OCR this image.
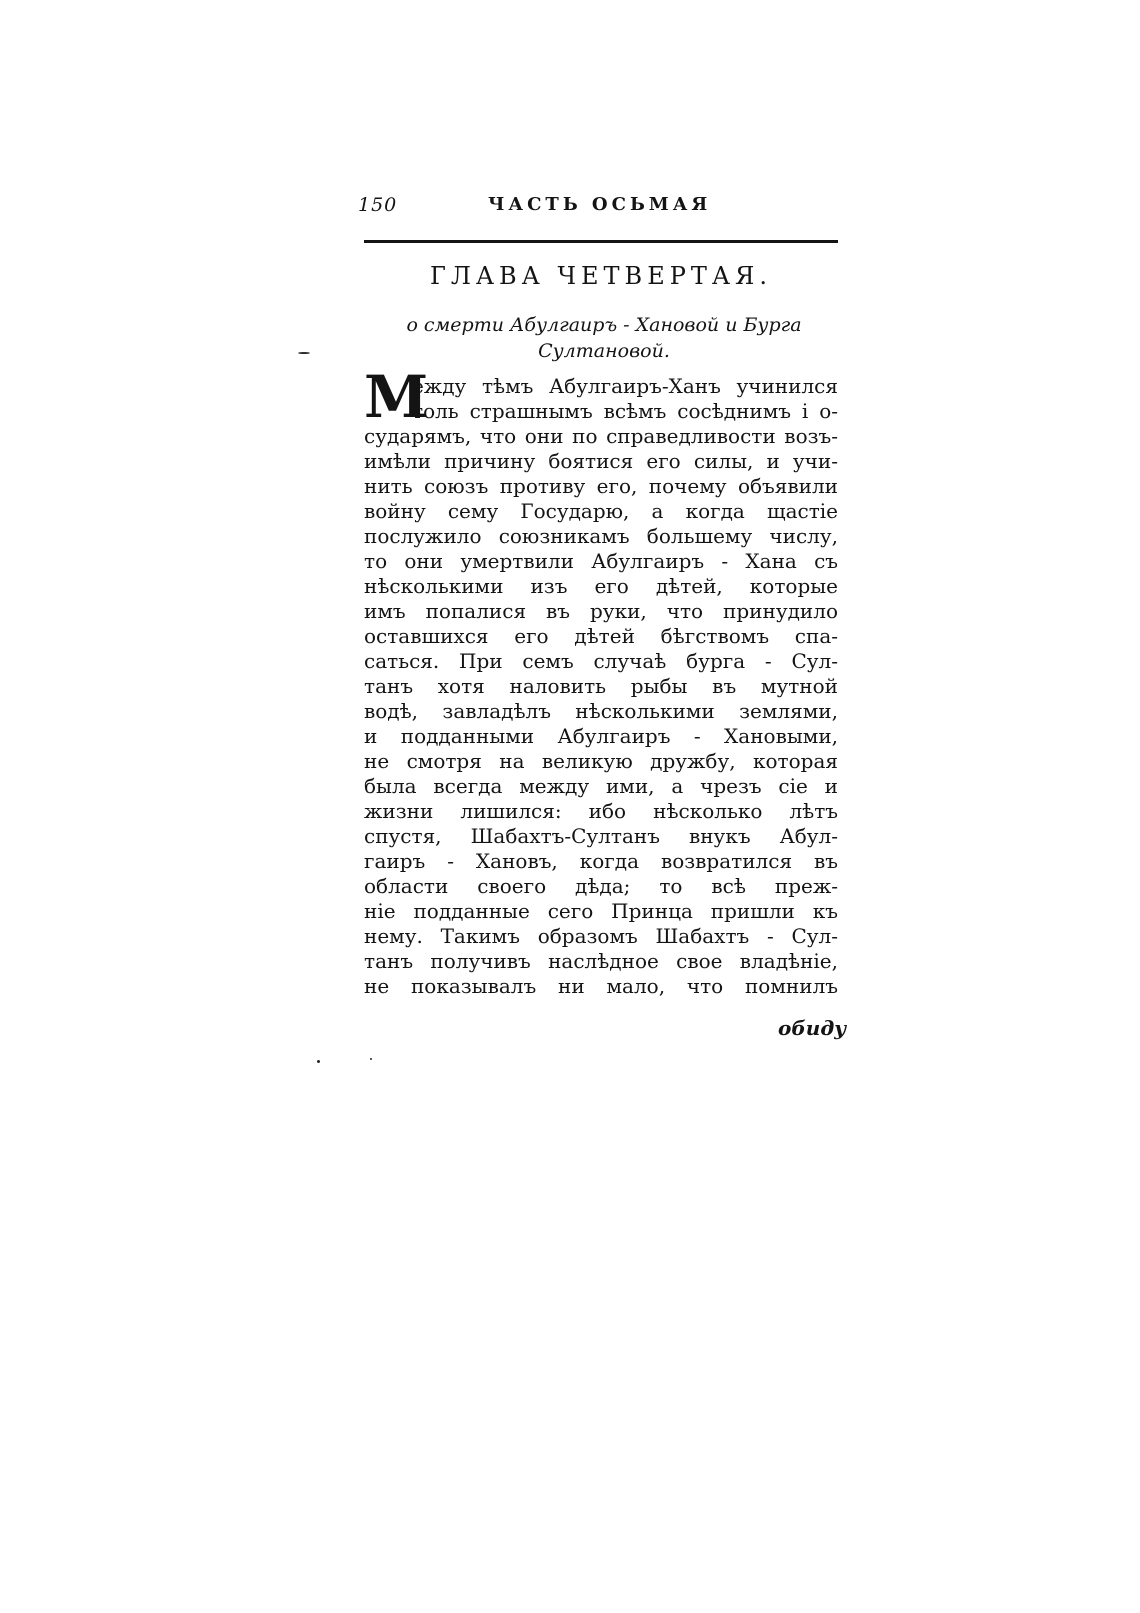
150	ЧАСТЬ ОСЬМАЯ
ГЛАВА ЧЕТВЕРТАЯ.
о смерти Абулгаиръ - Хановой и Бурга
Султановой.
М
ежду тѣмъ Абулгаиръ-Ханъ учинился
толь страшнымъ всѣмъ сосѣднимъ і о-
сударямъ, что они по справедливости возъ-
имѣли причину боятися его силы, и учи-
нить союзъ противу его, почему объявили
войну сему Государю, а когда щастіе
послужило союзникамъ большему числу,
то они умертвили Абулгаиръ - Хана съ
нѣсколькими изъ его дѣтей, которые
имъ попалися въ руки, что принудило
оставшихся его дѣтей бѣгствомъ спа-
саться. При семъ случаѣ бурга - Сул-
танъ хотя наловить рыбы въ мутной
водѣ, завладѣлъ нѣсколькими землями,
и подданными Абулгаиръ - Хановыми,
не смотря на великую дружбу, которая
была всегда между ими, а чрезъ сіе и
жизни лишился: ибо нѣсколько лѣтъ
спустя, Шабахтъ-Султанъ внукъ Абул-
гаиръ - Хановъ, когда возвратился въ
области своего дѣда; то всѣ преж-
ніе подданные сего Принца пришли къ
нему. Такимъ образомъ Шабахтъ - Сул-
танъ получивъ наслѣдное свое владѣніе,
не показывалъ ни мало, что помнилъ
обиду
